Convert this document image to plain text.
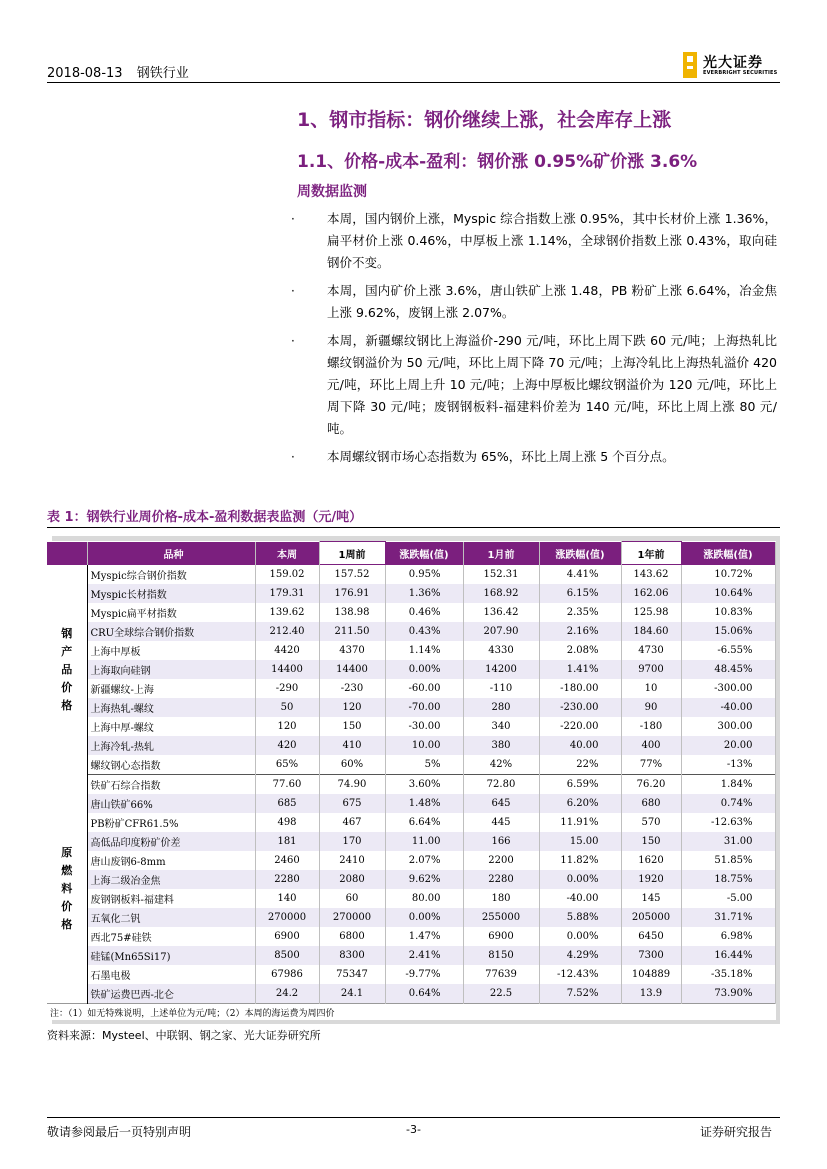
2018-08-13 钢铁行业
光大证券
EVERBRIGHT SECURITIES
1、钢市指标：钢价继续上涨，社会库存上涨
1.1、价格-成本-盈利：钢价涨 0.95%矿价涨 3.6%
周数据监测
·	本周，国内钢价上涨，Myspic 综合指数上涨 0.95%，其中长材价上涨 1.36%，扁平材价上涨 0.46%，中厚板上涨 1.14%，全球钢价指数上涨 0.43%，取向硅钢价不变。
·	本周，国内矿价上涨 3.6%，唐山铁矿上涨 1.48，PB 粉矿上涨 6.64%，冶金焦上涨 9.62%，废钢上涨 2.07%。
·	本周，新疆螺纹钢比上海溢价-290 元/吨，环比上周下跌 60 元/吨；上海热轧比螺纹钢溢价为 50 元/吨，环比上周下降 70 元/吨；上海冷轧比上海热轧溢价 420 元/吨，环比上周上升 10 元/吨；上海中厚板比螺纹钢溢价为 120 元/吨，环比上周下降 30 元/吨；废钢钢板料-福建料价差为 140 元/吨，环比上周上涨 80 元/吨。
·	本周螺纹钢市场心态指数为 65%，环比上周上涨 5 个百分点。
表 1：钢铁行业周价格-成本-盈利数据表监测（元/吨）
	品种	本周	1周前	涨跌幅(值)	1月前	涨跌幅(值)	1年前	涨跌幅(值)
钢产品价格	Myspic综合钢价指数	159.02	157.52	0.95%	152.31	4.41%	143.62	10.72%
	Myspic长材指数	179.31	176.91	1.36%	168.92	6.15%	162.06	10.64%
	Myspic扁平材指数	139.62	138.98	0.46%	136.42	2.35%	125.98	10.83%
	CRU全球综合钢价指数	212.40	211.50	0.43%	207.90	2.16%	184.60	15.06%
	上海中厚板	4420	4370	1.14%	4330	2.08%	4730	-6.55%
	上海取向硅钢	14400	14400	0.00%	14200	1.41%	9700	48.45%
	新疆螺纹-上海	-290	-230	-60.00	-110	-180.00	10	-300.00
	上海热轧-螺纹	50	120	-70.00	280	-230.00	90	-40.00
	上海中厚-螺纹	120	150	-30.00	340	-220.00	-180	300.00
	上海冷轧-热轧	420	410	10.00	380	40.00	400	20.00
	螺纹钢心态指数	65%	60%	5%	42%	22%	77%	-13%
原燃料价格	铁矿石综合指数	77.60	74.90	3.60%	72.80	6.59%	76.20	1.84%
	唐山铁矿66%	685	675	1.48%	645	6.20%	680	0.74%
	PB粉矿CFR61.5%	498	467	6.64%	445	11.91%	570	-12.63%
	高低品印度粉矿价差	181	170	11.00	166	15.00	150	31.00
	唐山废钢6-8mm	2460	2410	2.07%	2200	11.82%	1620	51.85%
	上海二级冶金焦	2280	2080	9.62%	2280	0.00%	1920	18.75%
	废钢钢板料-福建料	140	60	80.00	180	-40.00	145	-5.00
	五氧化二钒	270000	270000	0.00%	255000	5.88%	205000	31.71%
	西北75#硅铁	6900	6800	1.47%	6900	0.00%	6450	6.98%
	硅锰(Mn65Si17)	8500	8300	2.41%	8150	4.29%	7300	16.44%
	石墨电极	67986	75347	-9.77%	77639	-12.43%	104889	-35.18%
	铁矿运费巴西-北仑	24.2	24.1	0.64%	22.5	7.52%	13.9	73.90%
注：（1）如无特殊说明，上述单位为元/吨；（2）本周的海运费为周四价								
资料来源：Mysteel、中联钢、钢之家、光大证券研究所
敬请参阅最后一页特别声明	-3-	证券研究报告
